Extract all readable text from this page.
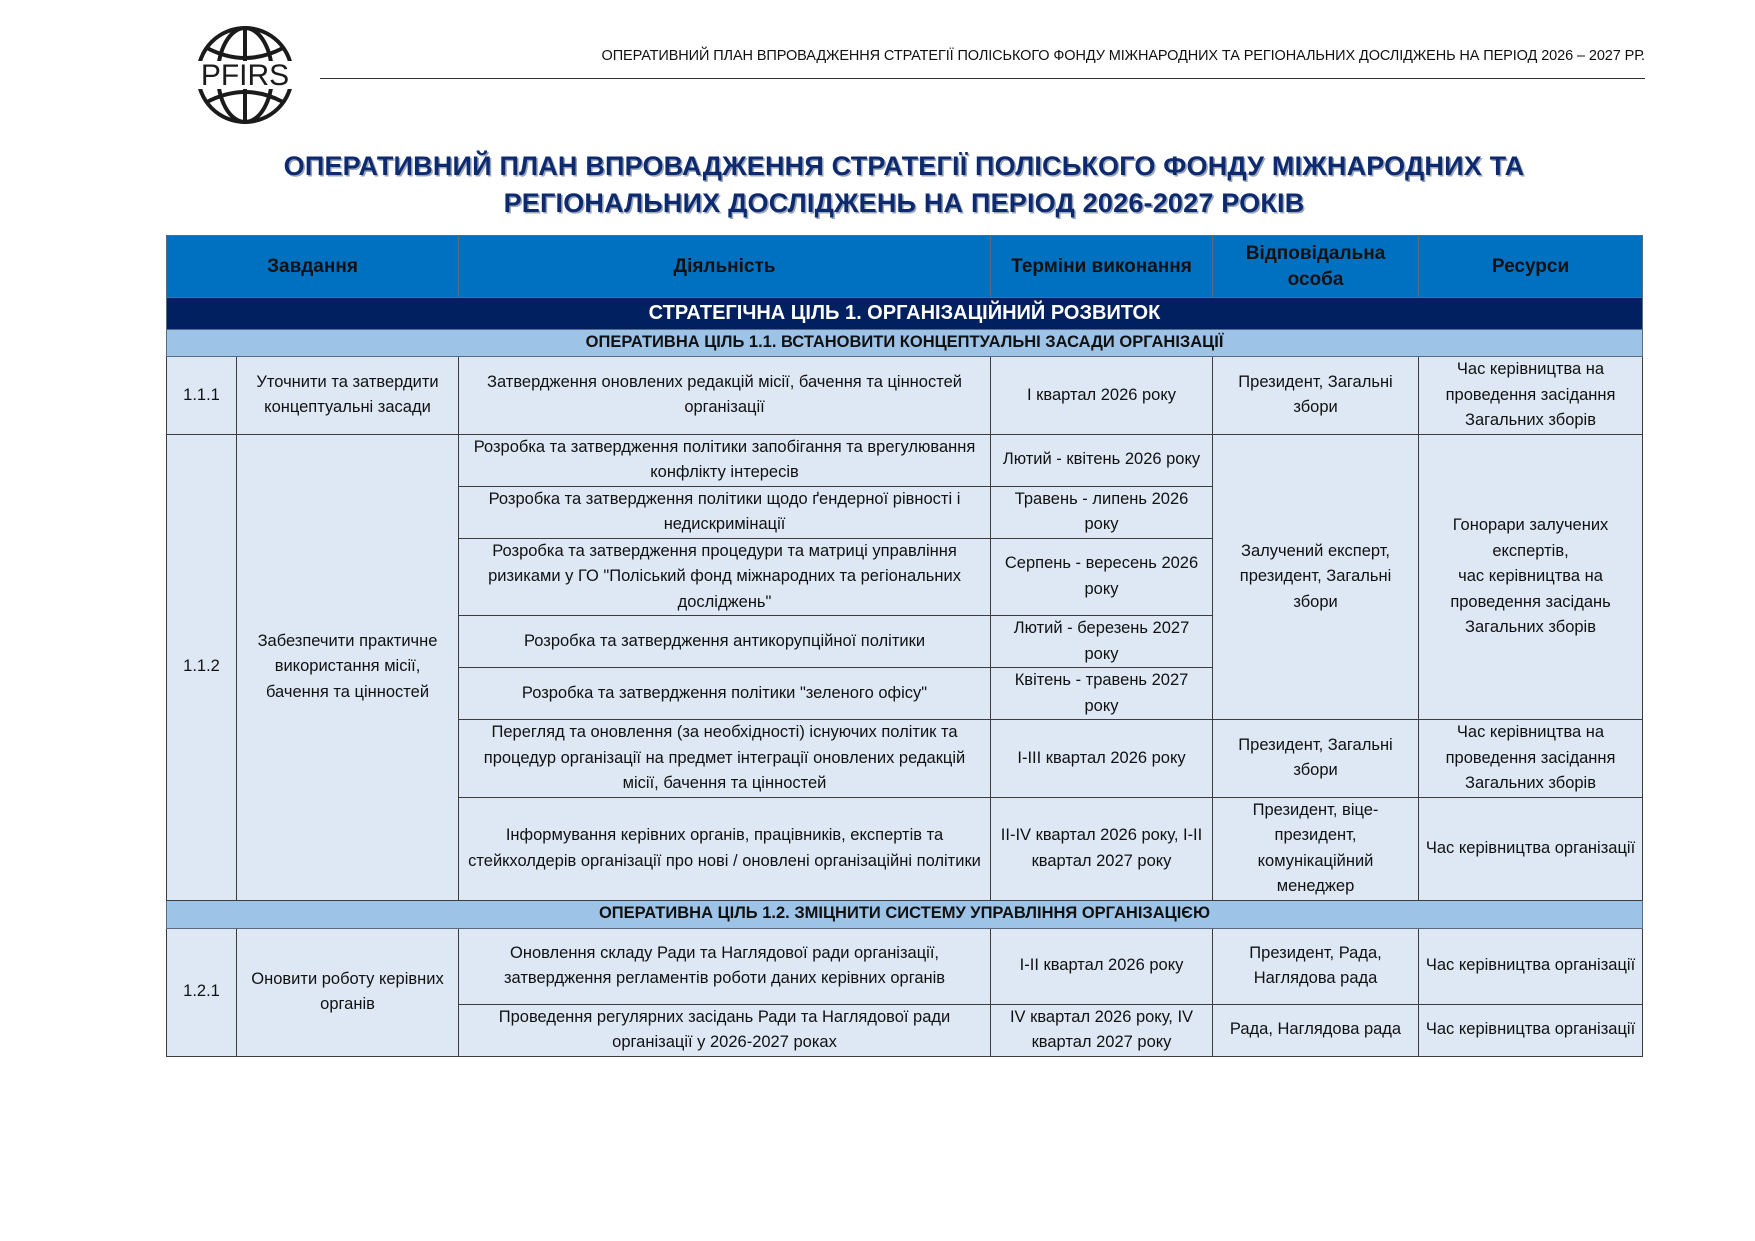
PFIRS
ОПЕРАТИВНИЙ ПЛАН ВПРОВАДЖЕННЯ СТРАТЕГІЇ ПОЛІСЬКОГО ФОНДУ МІЖНАРОДНИХ ТА РЕГІОНАЛЬНИХ ДОСЛІДЖЕНЬ НА ПЕРІОД 2026 – 2027 РР.
ОПЕРАТИВНИЙ ПЛАН ВПРОВАДЖЕННЯ СТРАТЕГІЇ ПОЛІСЬКОГО ФОНДУ МІЖНАРОДНИХ ТА
РЕГІОНАЛЬНИХ ДОСЛІДЖЕНЬ НА ПЕРІОД 2026-2027 РОКІВ
Завдання		Діяльність	Терміни виконання	Відповідальна особа	Ресурси
СТРАТЕГІЧНА ЦІЛЬ 1. ОРГАНІЗАЦІЙНИЙ РОЗВИТОК					
ОПЕРАТИВНА ЦІЛЬ 1.1. ВСТАНОВИТИ КОНЦЕПТУАЛЬНІ ЗАСАДИ ОРГАНІЗАЦІЇ					
1.1.1	Уточнити та затвердити концептуальні засади	Затвердження оновлених редакцій місії, бачення та цінностей організації	I квартал 2026 року	Президент, Загальні збори	Час керівництва на проведення засідання Загальних зборів
1.1.2	Забезпечити практичне використання місії, бачення та цінностей	Розробка та затвердження політики запобігання та врегулювання конфлікту інтересів	Лютий - квітень 2026 року	Залучений експерт, президент, Загальні збори	Гонорари залучених експертів,
час керівництва на проведення засідань Загальних зборів
		Розробка та затвердження політики щодо ґендерної рівності і недискримінації	Травень - липень 2026 року		
		Розробка та затвердження процедури та матриці управління ризиками у ГО "Поліський фонд міжнародних та регіональних досліджень"	Серпень - вересень 2026 року		
		Розробка та затвердження антикорупційної політики	Лютий - березень 2027 року		
		Розробка та затвердження політики "зеленого офісу"	Квітень - травень 2027 року		
		Перегляд та оновлення (за необхідності) існуючих політик та процедур організації на предмет інтеграції оновлених редакцій місії, бачення та цінностей	I-III квартал 2026 року	Президент, Загальні збори	Час керівництва на проведення засідання Загальних зборів
		Інформування керівних органів, працівників, експертів та стейкхолдерів організації про нові / оновлені організаційні політики	II-IV квартал 2026 року, I-II квартал 2027 року	Президент, віце-президент, комунікаційний менеджер	Час керівництва організації
ОПЕРАТИВНА ЦІЛЬ 1.2. ЗМІЦНИТИ СИСТЕМУ УПРАВЛІННЯ ОРГАНІЗАЦІЄЮ					
1.2.1	Оновити роботу керівних органів	Оновлення складу Ради та Наглядової ради організації, затвердження регламентів роботи даних керівних органів	I-II квартал 2026 року	Президент, Рада, Наглядова рада	Час керівництва організації
		Проведення регулярних засідань Ради та Наглядової ради організації у 2026-2027 роках	IV квартал 2026 року, IV квартал 2027 року	Рада, Наглядова рада	Час керівництва організації
